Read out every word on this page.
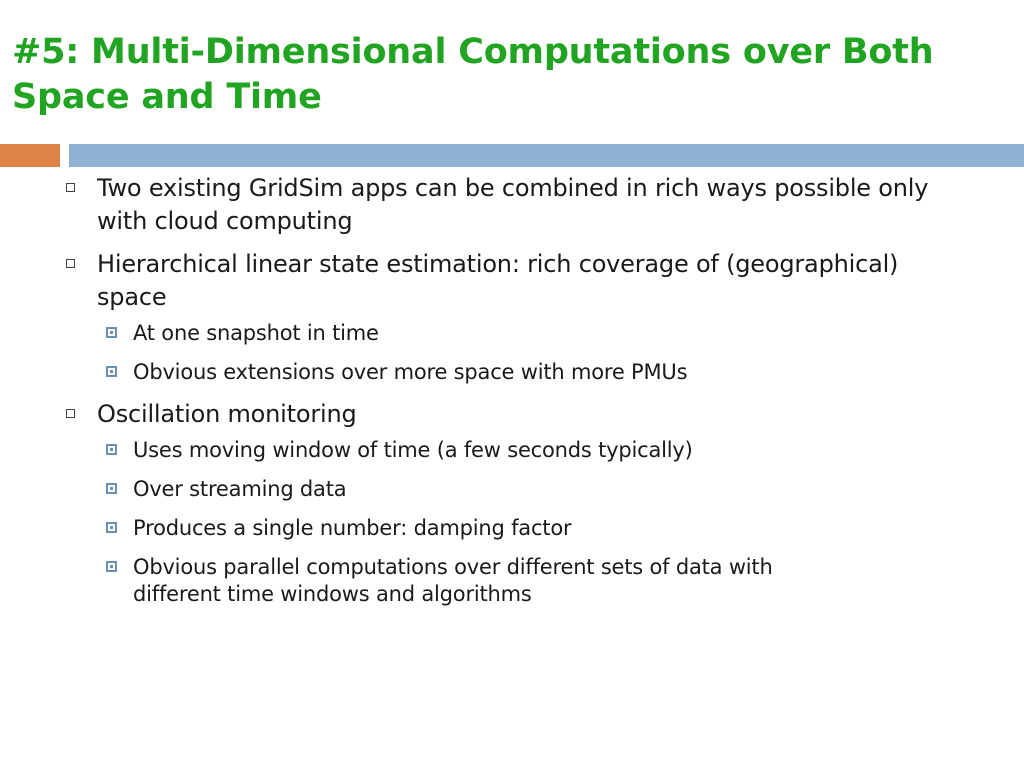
#5: Multi-Dimensional Computations over Both Space and Time
Two existing GridSim apps can be combined in rich ways possible only with cloud computing
Hierarchical linear state estimation: rich coverage of (geographical) space
At one snapshot in time
Obvious extensions over more space with more PMUs
Oscillation monitoring
Uses moving window of time (a few seconds typically)
Over streaming data
Produces a single number: damping factor
Obvious parallel computations over different sets of data with different time windows and algorithms
